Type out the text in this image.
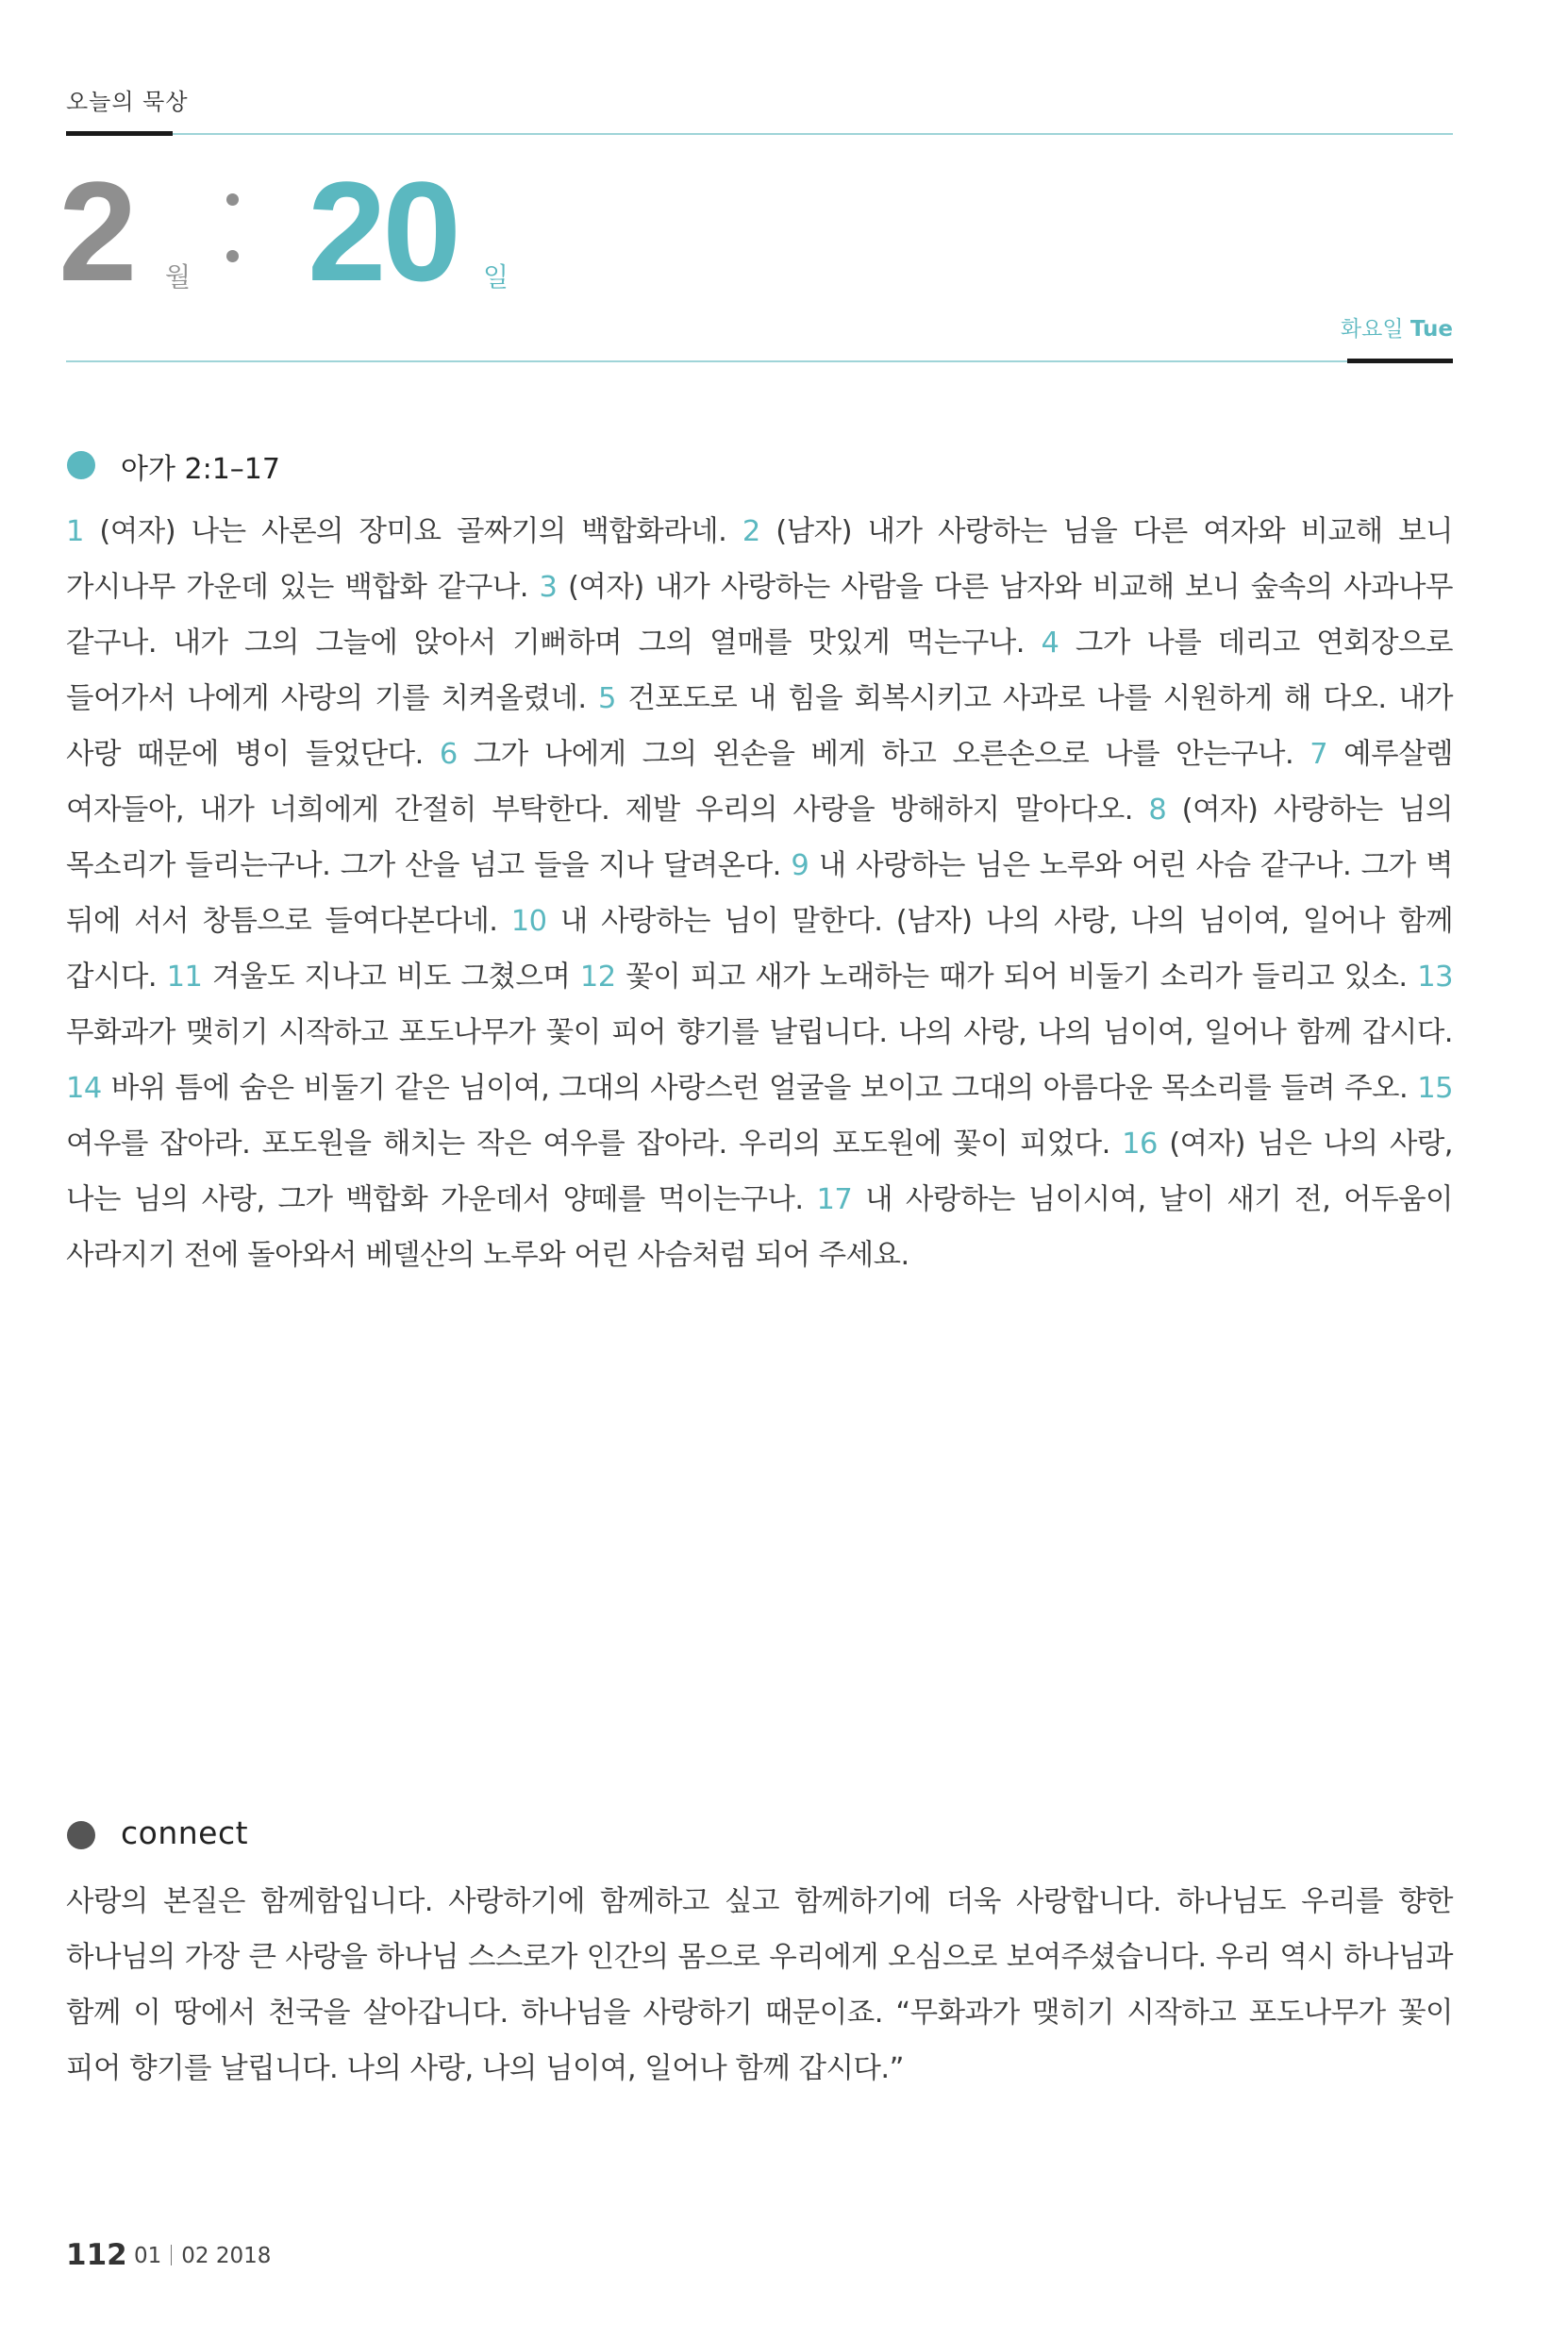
오늘의 묵상
2 월 20 일
화요일 Tue
아가 2:1–17
1 (여자) 나는 사론의 장미요 골짜기의 백합화라네. 2 (남자) 내가 사랑하는 님을 다른 여자와 비교해 보니 가시나무 가운데 있는 백합화 같구나. 3 (여자) 내가 사랑하는 사람을 다른 남자와 비교해 보니 숲속의 사과나무 같구나. 내가 그의 그늘에 앉아서 기뻐하며 그의 열매를 맛있게 먹는구나. 4 그가 나를 데리고 연회장으로 들어가서 나에게 사랑의 기를 치켜올렸네. 5 건포도로 내 힘을 회복시키고 사과로 나를 시원하게 해 다오. 내가 사랑 때문에 병이 들었단다. 6 그가 나에게 그의 왼손을 베게 하고 오른손으로 나를 안는구나. 7 예루살렘 여자들아, 내가 너희에게 간절히 부탁한다. 제발 우리의 사랑을 방해하지 말아다오. 8 (여자) 사랑하는 님의 목소리가 들리는구나. 그가 산을 넘고 들을 지나 달려온다. 9 내 사랑하는 님은 노루와 어린 사슴 같구나. 그가 벽 뒤에 서서 창틈으로 들여다본다네. 10 내 사랑하는 님이 말한다. (남자) 나의 사랑, 나의 님이여, 일어나 함께 갑시다. 11 겨울도 지나고 비도 그쳤으며 12 꽃이 피고 새가 노래하는 때가 되어 비둘기 소리가 들리고 있소. 13 무화과가 맺히기 시작하고 포도나무가 꽃이 피어 향기를 날립니다. 나의 사랑, 나의 님이여, 일어나 함께 갑시다. 14 바위 틈에 숨은 비둘기 같은 님이여, 그대의 사랑스런 얼굴을 보이고 그대의 아름다운 목소리를 들려 주오. 15 여우를 잡아라. 포도원을 해치는 작은 여우를 잡아라. 우리의 포도원에 꽃이 피었다. 16 (여자) 님은 나의 사랑, 나는 님의 사랑, 그가 백합화 가운데서 양떼를 먹이는구나. 17 내 사랑하는 님이시여, 날이 새기 전, 어두움이 사라지기 전에 돌아와서 베델산의 노루와 어린 사슴처럼 되어 주세요.
connect
사랑의 본질은 함께함입니다. 사랑하기에 함께하고 싶고 함께하기에 더욱 사랑합니다. 하나님도 우리를 향한 하나님의 가장 큰 사랑을 하나님 스스로가 인간의 몸으로 우리에게 오심으로 보여주셨습니다. 우리 역시 하나님과 함께 이 땅에서 천국을 살아갑니다. 하나님을 사랑하기 때문이죠. “무화과가 맺히기 시작하고 포도나무가 꽃이 피어 향기를 날립니다. 나의 사랑, 나의 님이여, 일어나 함께 갑시다.”
112 01 02 2018
